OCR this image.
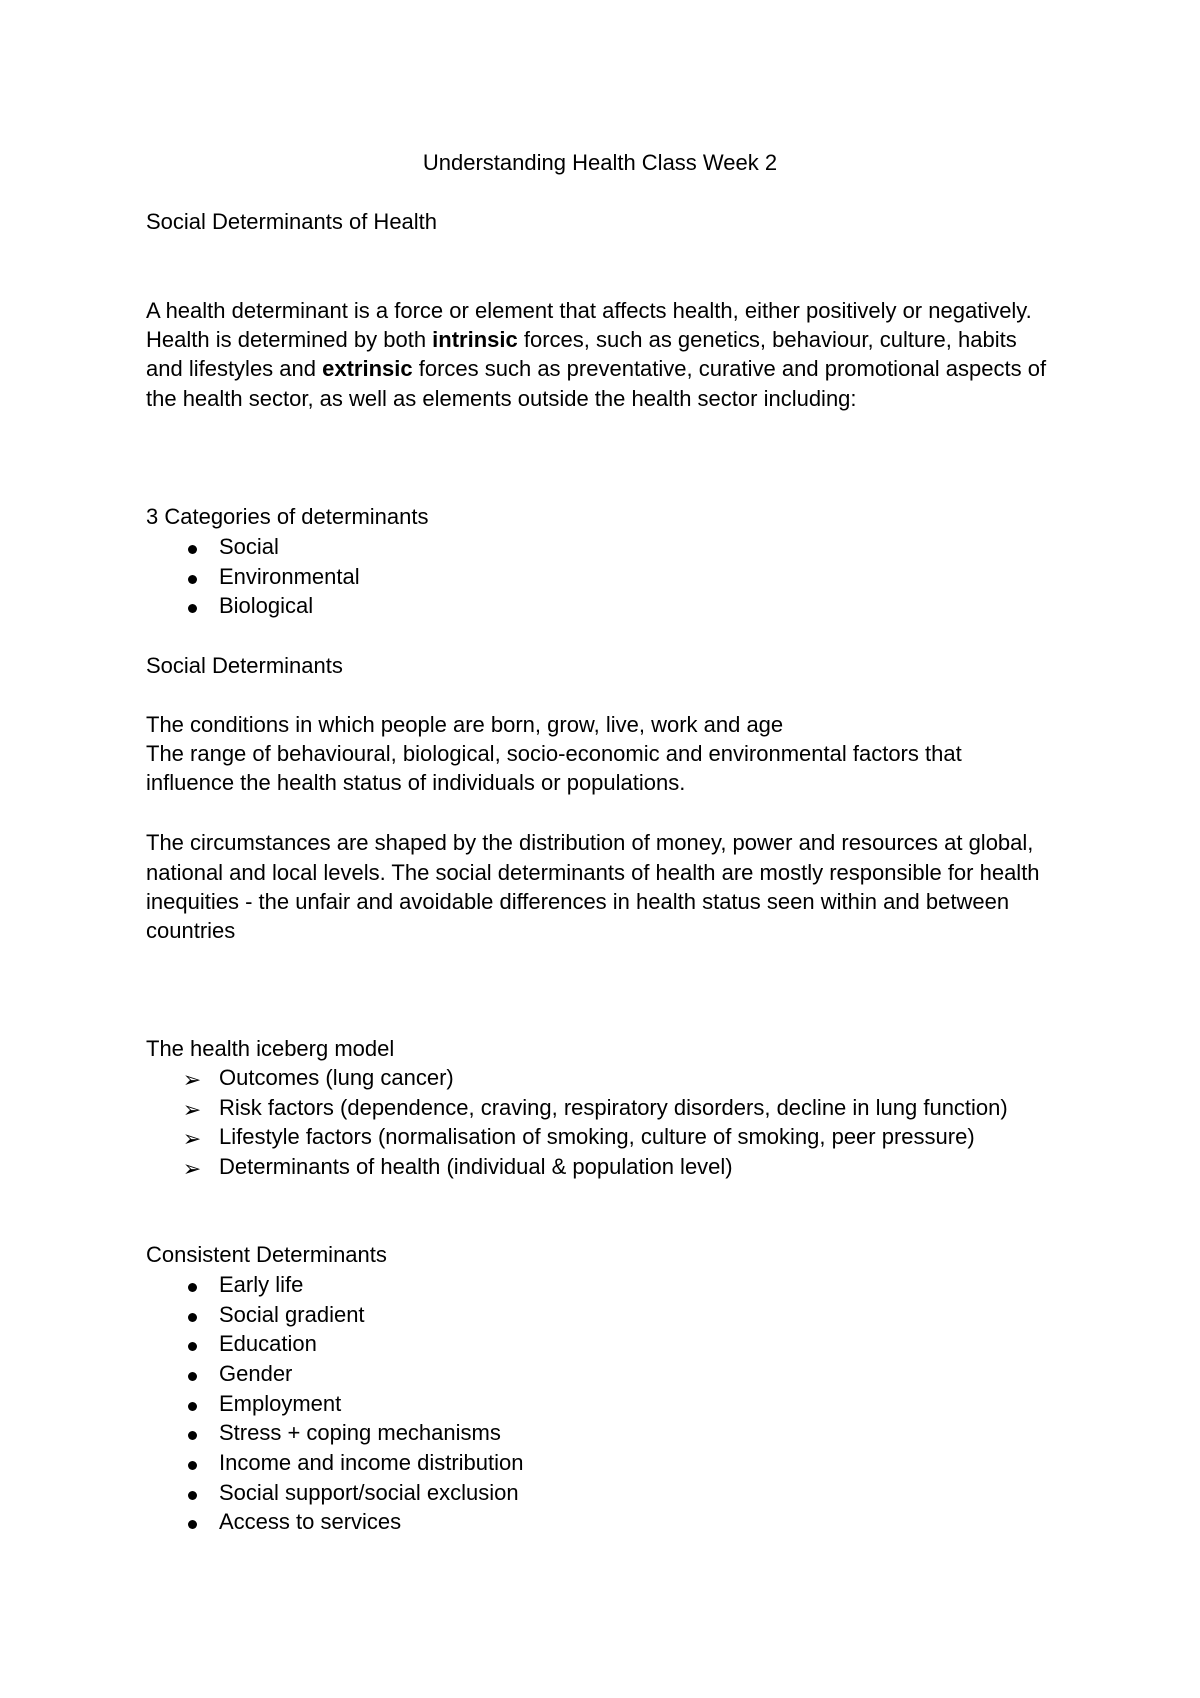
Understanding Health Class Week 2
Social Determinants of Health
A health determinant is a force or element that affects health, either positively or negatively.
Health is determined by both intrinsic forces, such as genetics, behaviour, culture, habits
and lifestyles and extrinsic forces such as preventative, curative and promotional aspects of
the health sector, as well as elements outside the health sector including:
3 Categories of determinants
Social
Environmental
Biological
Social Determinants
The conditions in which people are born, grow, live, work and age
The range of behavioural, biological, socio-economic and environmental factors that
influence the health status of individuals or populations.
The circumstances are shaped by the distribution of money, power and resources at global,
national and local levels. The social determinants of health are mostly responsible for health
inequities - the unfair and avoidable differences in health status seen within and between
countries
The health iceberg model
➢ Outcomes (lung cancer)
➢ Risk factors (dependence, craving, respiratory disorders, decline in lung function)
➢ Lifestyle factors (normalisation of smoking, culture of smoking, peer pressure)
➢ Determinants of health (individual & population level)
Consistent Determinants
Early life
Social gradient
Education
Gender
Employment
Stress + coping mechanisms
Income and income distribution
Social support/social exclusion
Access to services
